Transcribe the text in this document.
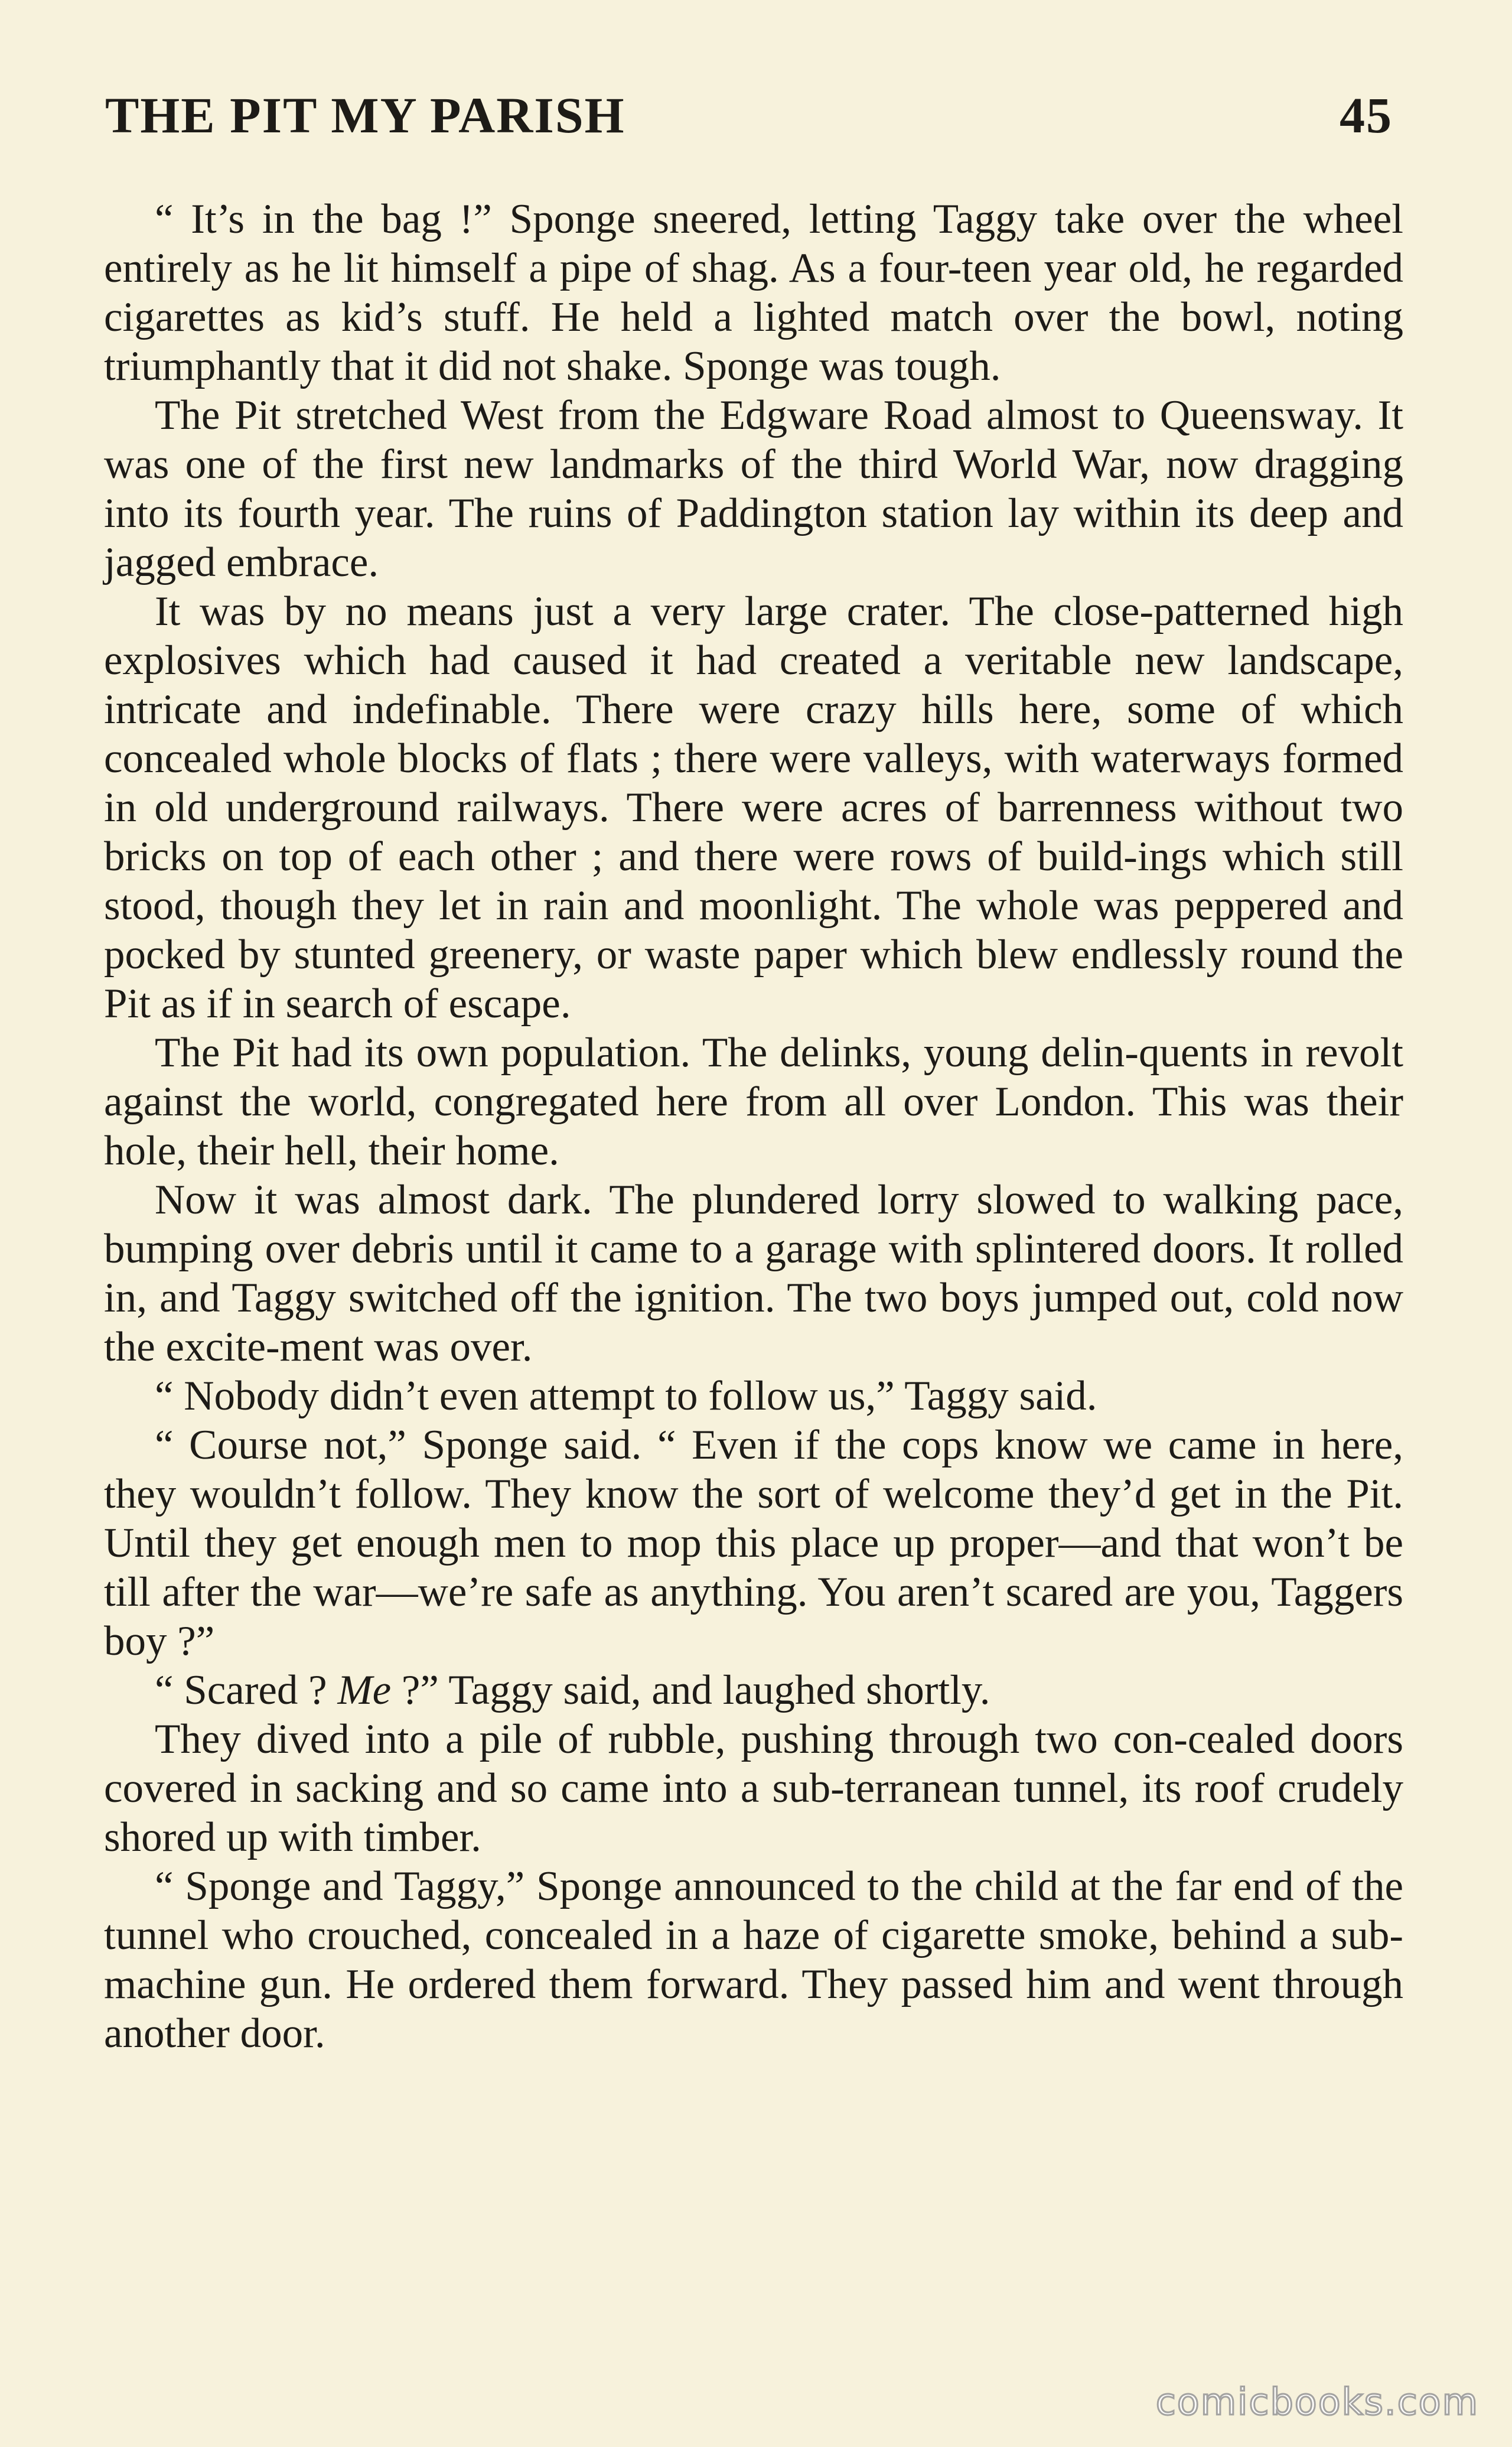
THE PIT MY PARISH	45

“ It’s in the bag !” Sponge sneered, letting Taggy take over the wheel entirely as he lit himself a pipe of shag. As a four-teen year old, he regarded cigarettes as kid’s stuff. He held a lighted match over the bowl, noting triumphantly that it did not shake. Sponge was tough.

The Pit stretched West from the Edgware Road almost to Queensway. It was one of the first new landmarks of the third World War, now dragging into its fourth year. The ruins of Paddington station lay within its deep and jagged embrace.

It was by no means just a very large crater. The close-patterned high explosives which had caused it had created a veritable new landscape, intricate and indefinable. There were crazy hills here, some of which concealed whole blocks of flats ; there were valleys, with waterways formed in old underground railways. There were acres of barrenness without two bricks on top of each other ; and there were rows of build-ings which still stood, though they let in rain and moonlight. The whole was peppered and pocked by stunted greenery, or waste paper which blew endlessly round the Pit as if in search of escape.

The Pit had its own population. The delinks, young delin-quents in revolt against the world, congregated here from all over London. This was their hole, their hell, their home.

Now it was almost dark. The plundered lorry slowed to walking pace, bumping over debris until it came to a garage with splintered doors. It rolled in, and Taggy switched off the ignition. The two boys jumped out, cold now the excite-ment was over.

“ Nobody didn’t even attempt to follow us,” Taggy said.

“ Course not,” Sponge said. “ Even if the cops know we came in here, they wouldn’t follow. They know the sort of welcome they’d get in the Pit. Until they get enough men to mop this place up proper—and that won’t be till after the war—we’re safe as anything. You aren’t scared are you, Taggers boy ?”

“ Scared ? Me ?” Taggy said, and laughed shortly.

They dived into a pile of rubble, pushing through two con-cealed doors covered in sacking and so came into a sub-terranean tunnel, its roof crudely shored up with timber.

“ Sponge and Taggy,” Sponge announced to the child at the far end of the tunnel who crouched, concealed in a haze of cigarette smoke, behind a sub-machine gun. He ordered them forward. They passed him and went through another door.

comicbooks.com
